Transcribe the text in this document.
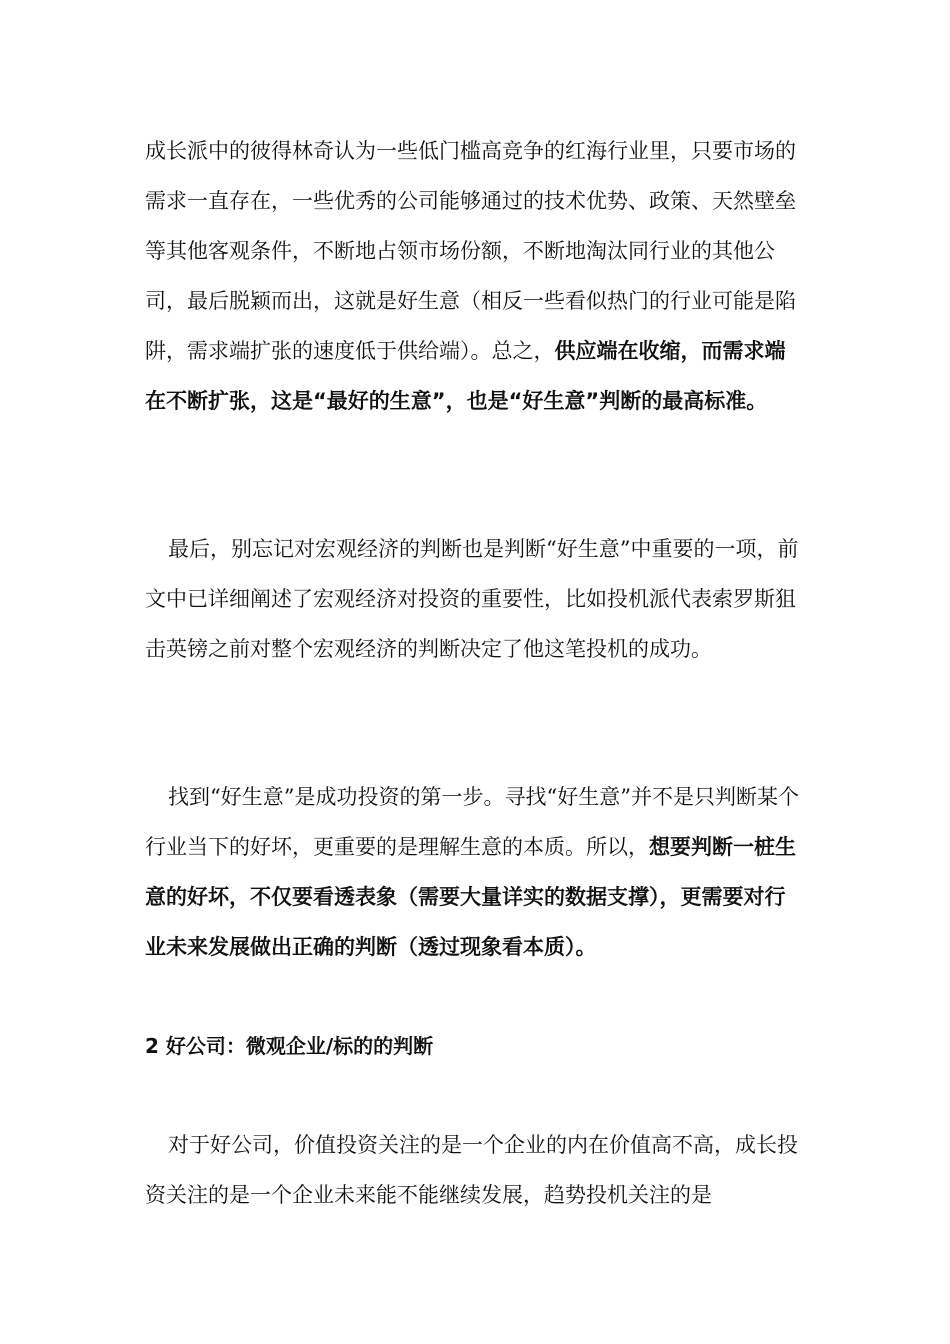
成长派中的彼得林奇认为一些低门槛高竞争的红海行业里，只要市场的需求一直存在，一些优秀的公司能够通过的技术优势、政策、天然壁垒等其他客观条件，不断地占领市场份额，不断地淘汰同行业的其他公司，最后脱颖而出，这就是好生意（相反一些看似热门的行业可能是陷阱，需求端扩张的速度低于供给端）。总之，供应端在收缩，而需求端在不断扩张，这是“最好的生意”，也是“好生意”判断的最高标准。

最后，别忘记对宏观经济的判断也是判断“好生意”中重要的一项，前文中已详细阐述了宏观经济对投资的重要性，比如投机派代表索罗斯狙击英镑之前对整个宏观经济的判断决定了他这笔投机的成功。

找到“好生意”是成功投资的第一步。寻找“好生意”并不是只判断某个行业当下的好坏，更重要的是理解生意的本质。所以，想要判断一桩生意的好坏，不仅要看透表象（需要大量详实的数据支撑），更需要对行业未来发展做出正确的判断（透过现象看本质）。

2 好公司：微观企业/标的的判断

对于好公司，价值投资关注的是一个企业的内在价值高不高，成长投资关注的是一个企业未来能不能继续发展，趋势投机关注的是
